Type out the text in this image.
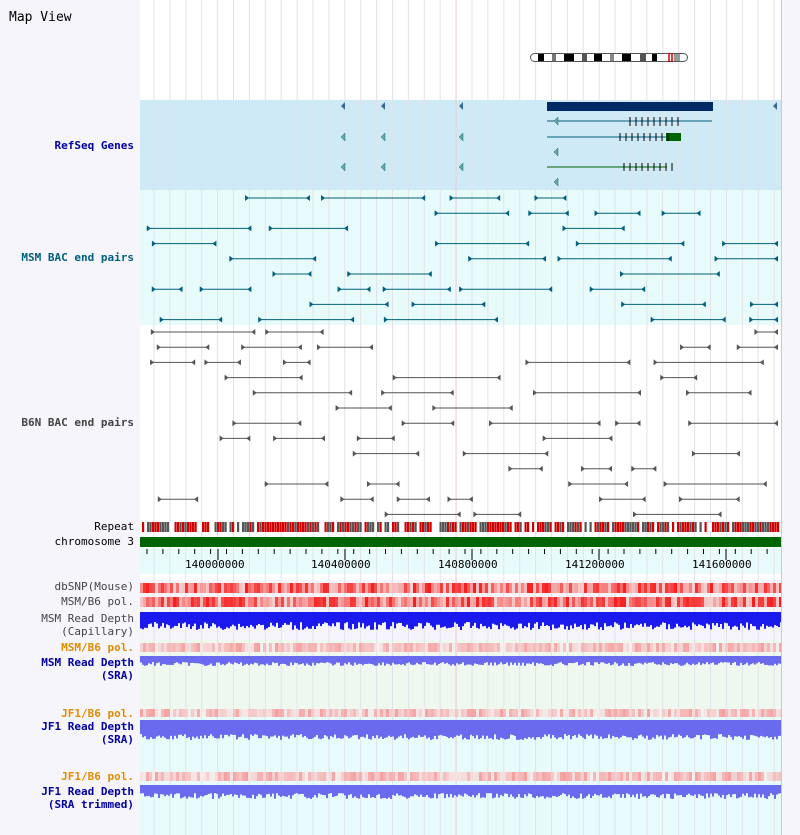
Map View
RefSeq Genes
MSM BAC end pairs
B6N BAC end pairs
Repeat
chromosome 3
dbSNP(Mouse)
MSM/B6 pol.
MSM Read Depth
(Capillary)
MSM/B6 pol.
MSM Read Depth
(SRA)
JF1/B6 pol.
JF1 Read Depth
(SRA)
JF1/B6 pol.
JF1 Read Depth
(SRA trimmed)
140000000	140400000	140800000	141200000	141600000
